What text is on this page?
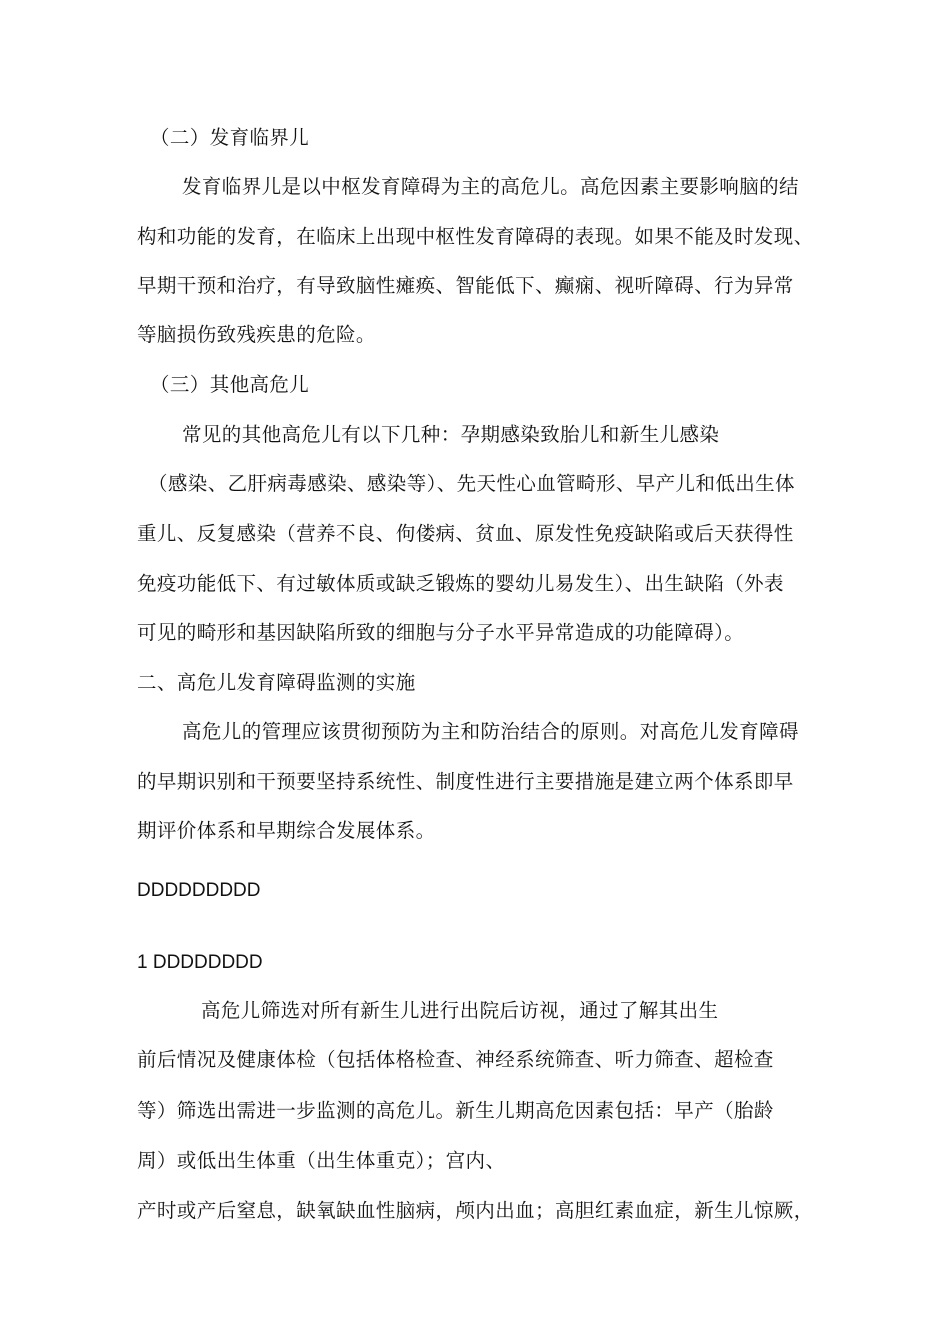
（二）发育临界儿
发育临界儿是以中枢发育障碍为主的高危儿。高危因素主要影响脑的结
构和功能的发育，在临床上出现中枢性发育障碍的表现。如果不能及时发现、
早期干预和治疗，有导致脑性瘫痪、智能低下、癫痫、视听障碍、行为异常
等脑损伤致残疾患的危险。
（三）其他高危儿
常见的其他高危儿有以下几种：孕期感染致胎儿和新生儿感染
（感染、乙肝病毒感染、感染等）、先天性心血管畸形、早产儿和低出生体
重儿、反复感染（营养不良、佝偻病、贫血、原发性免疫缺陷或后天获得性
免疫功能低下、有过敏体质或缺乏锻炼的婴幼儿易发生）、出生缺陷（外表
可见的畸形和基因缺陷所致的细胞与分子水平异常造成的功能障碍）。
二、高危儿发育障碍监测的实施
高危儿的管理应该贯彻预防为主和防治结合的原则。对高危儿发育障碍
的早期识别和干预要坚持系统性、制度性进行主要措施是建立两个体系即早
期评价体系和早期综合发展体系。
DDDDDDDDD
1 DDDDDDDD
高危儿筛选对所有新生儿进行出院后访视，通过了解其出生
前后情况及健康体检（包括体格检查、神经系统筛查、听力筛查、超检查
等）筛选出需进一步监测的高危儿。新生儿期高危因素包括：早产（胎龄
周）或低出生体重（出生体重克）；宫内、
产时或产后窒息，缺氧缺血性脑病，颅内出血；高胆红素血症，新生儿惊厥，
